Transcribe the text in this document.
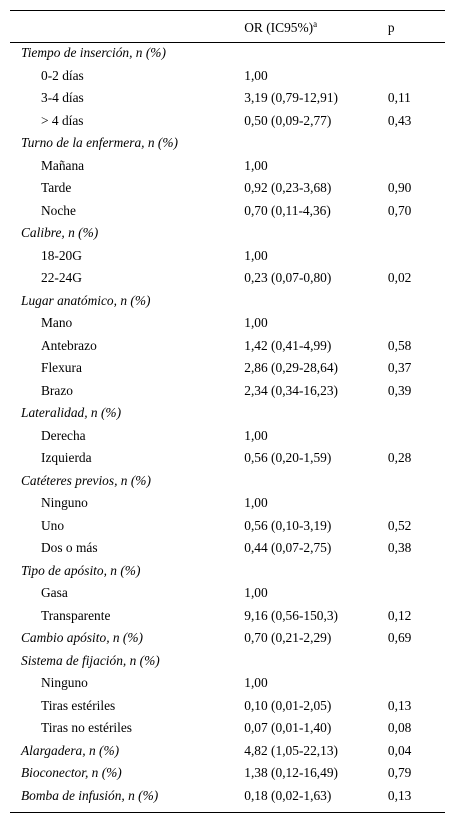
	OR $(IC95\%)^a$	p
Tiempo de inserción, n (%)		
0-2 días	1,00	
3-4 días	3,19 (0,79-12,91)	0,11
> 4 días	0,50 (0,09-2,77)	0,43
Turno de la enfermera, n (%)		
Mañana	1,00	
Tarde	0,92 (0,23-3,68)	0,90
Noche	0,70 (0,11-4,36)	0,70
Calibre, n (%)		
18-20G	1,00	
22-24G	0,23 (0,07-0,80)	0,02
Lugar anatómico, n (%)		
Mano	1,00	
Antebrazo	1,42 (0,41-4,99)	0,58
Flexura	2,86 (0,29-28,64)	0,37
Brazo	2,34 (0,34-16,23)	0,39
Lateralidad, n (%)		
Derecha	1,00	
Izquierda	0,56 (0,20-1,59)	0,28
Catéteres previos, n (%)		
Ninguno	1,00	
Uno	0,56 (0,10-3,19)	0,52
Dos o más	0,44 (0,07-2,75)	0,38
Tipo de apósito, n (%)		
Gasa	1,00	
Transparente	9,16 (0,56-150,3)	0,12
Cambio apósito, n (%)	0,70 (0,21-2,29)	0,69
Sistema de fijación, n (%)		
Ninguno	1,00	
Tiras estériles	0,10 (0,01-2,05)	0,13
Tiras no estériles	0,07 (0,01-1,40)	0,08
Alargadera, n (%)	4,82 (1,05-22,13)	0,04
Bioconector, n (%)	1,38 (0,12-16,49)	0,79
Bomba de infusión, n (%)	0,18 (0,02-1,63)	0,13
